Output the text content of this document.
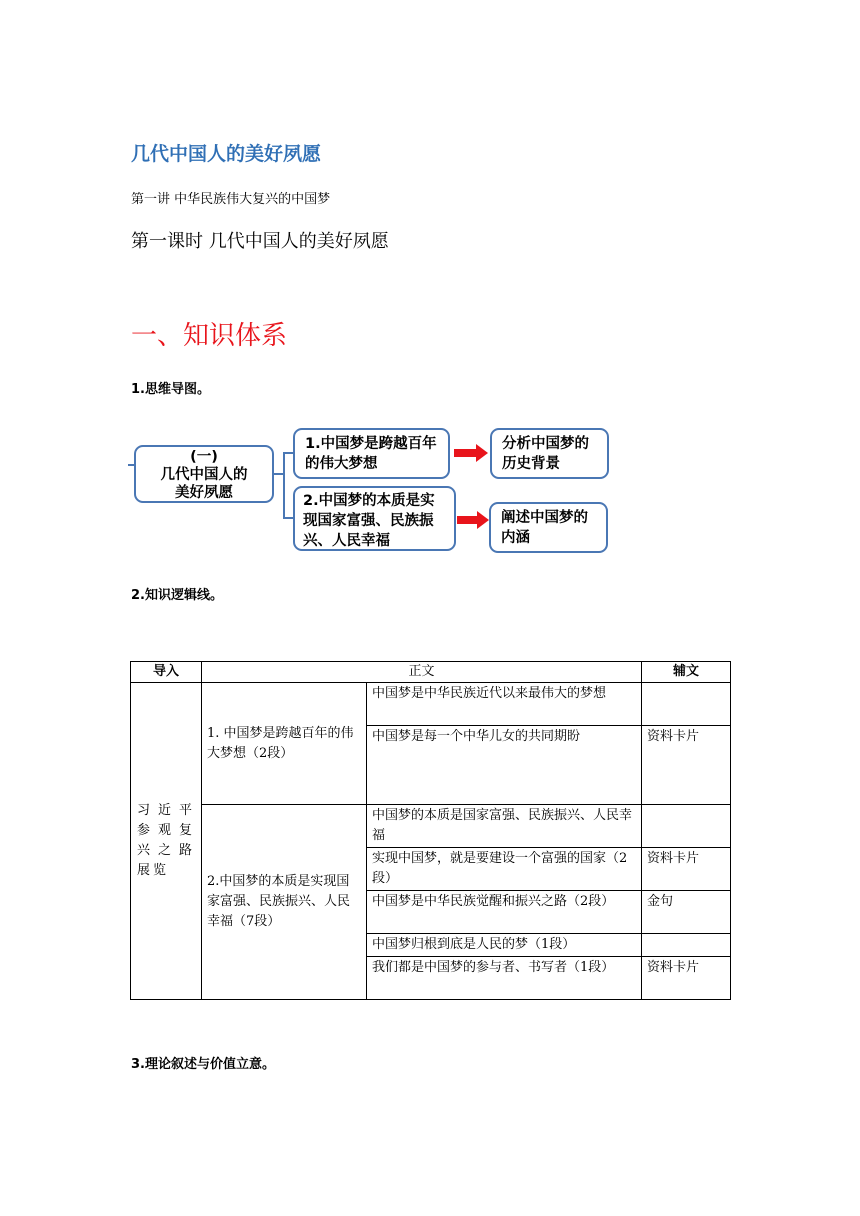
几代中国人的美好夙愿
第一讲 中华民族伟大复兴的中国梦
第一课时 几代中国人的美好夙愿
一、知识体系
1.思维导图。
(一)
几代中国人的
美好夙愿
1.中国梦是跨越百年的伟大梦想
2.中国梦的本质是实现国家富强、民族振兴、人民幸福
分析中国梦的历史背景
阐述中国梦的内涵
2.知识逻辑线。
导入	正文		辅文
习近平参观复兴之路展览	1. 中国梦是跨越百年的伟大梦想（2段）	中国梦是中华民族近代以来最伟大的梦想	
		中国梦是每一个中华儿女的共同期盼	资料卡片
	2.中国梦的本质是实现国家富强、民族振兴、人民幸福（7段）	中国梦的本质是国家富强、民族振兴、人民幸福	
		实现中国梦，就是要建设一个富强的国家（2段）	资料卡片
		中国梦是中华民族觉醒和振兴之路（2段）	金句
		中国梦归根到底是人民的梦（1段）	
		我们都是中国梦的参与者、书写者（1段）	资料卡片
3.理论叙述与价值立意。
